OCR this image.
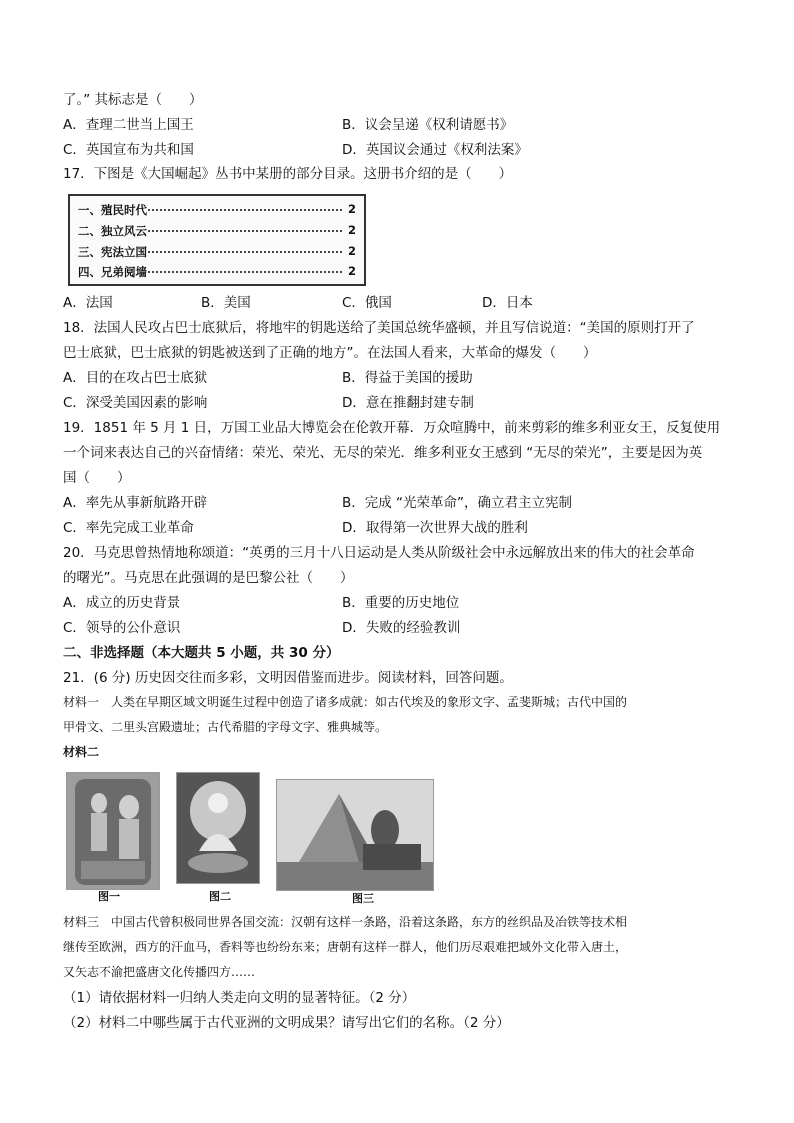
了。” 其标志是（　　）
A．查理二世当上国王	B．议会呈递《权利请愿书》
C．英国宣布为共和国	D．英国议会通过《权利法案》
17．下图是《大国崛起》丛书中某册的部分目录。这册书介绍的是（　　）
一、殖民时代	2
二、独立风云	2
三、宪法立国	2
四、兄弟阋墙	2
A．法国	B．美国	C．俄国	D．日本
18．法国人民攻占巴士底狱后，将地牢的钥匙送给了美国总统华盛顿，并且写信说道：“美国的原则打开了
巴士底狱，巴士底狱的钥匙被送到了正确的地方”。在法国人看来，大革命的爆发（　　）
A．目的在攻占巴士底狱	B．得益于美国的援助
C．深受美国因素的影响	D．意在推翻封建专制
19．1851 年 5 月 1 日，万国工业品大博览会在伦敦开幕．万众喧腾中，前来剪彩的维多利亚女王，反复使用
一个词来表达自己的兴奋情绪：荣光、荣光、无尽的荣光．维多利亚女王感到 “无尽的荣光”，主要是因为英
国（　　）
A．率先从事新航路开辟	B．完成 “光荣革命”，确立君主立宪制
C．率先完成工业革命	D．取得第一次世界大战的胜利
20．马克思曾热情地称颂道：“英勇的三月十八日运动是人类从阶级社会中永远解放出来的伟大的社会革命
的曙光”。马克思在此强调的是巴黎公社（　　）
A．成立的历史背景	B．重要的历史地位
C．领导的公仆意识	D．失败的经验教训
二、非选择题（本大题共 5 小题，共 30 分）
21．(6 分) 历史因交往而多彩，文明因借鉴而进步。阅读材料，回答问题。
材料一　人类在早期区域文明诞生过程中创造了诸多成就：如古代埃及的象形文字、孟斐斯城；古代中国的
甲骨文、二里头宫殿遗址；古代希腊的字母文字、雅典城等。
材料二
图一	图二	图三
材料三　中国古代曾积极同世界各国交流：汉朝有这样一条路，沿着这条路，东方的丝织品及冶铁等技术相
继传至欧洲，西方的汗血马，香料等也纷纷东来；唐朝有这样一群人，他们历尽艰难把域外文化带入唐土，
又矢志不渝把盛唐文化传播四方……
（1）请依据材料一归纳人类走向文明的显著特征。（2 分）
（2）材料二中哪些属于古代亚洲的文明成果？请写出它们的名称。（2 分）
